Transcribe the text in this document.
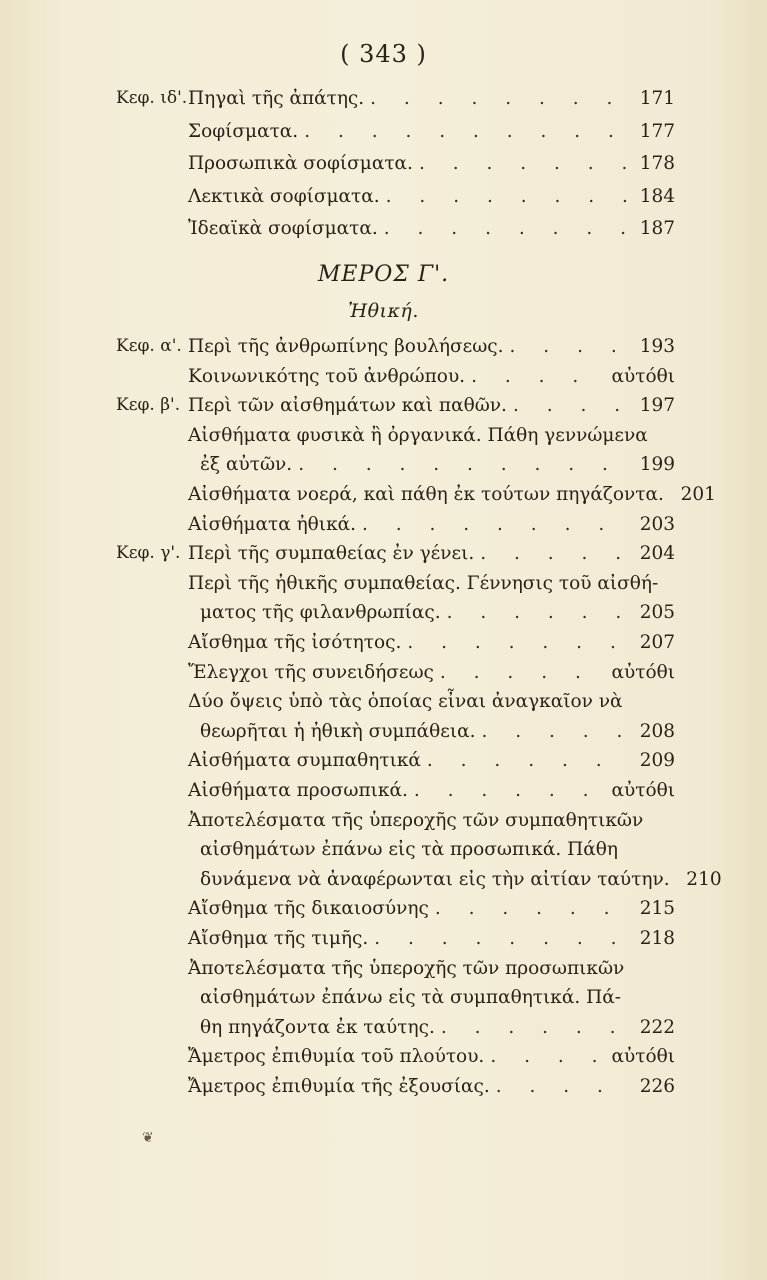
( 343 )
Κεφ. ιδ'. Πηγαὶ τῆς ἀπάτης. . . .	171
Σοφίσματα. . . .	177
Προσωπικὰ σοφίσματα. . . .	178
Λεκτικὰ σοφίσματα. . . .	184
Ἰδεαϊκὰ σοφίσματα. . . .	187
Κεφ. α'. Περὶ τῆς ἀνθρωπίνης βουλήσεως. . . .	193
Κοινωνικότης τοῦ ἀνθρώπου. . . .	αὐτόθι
Κεφ. β'. Περὶ τῶν αἰσθημάτων καὶ παθῶν. . . .	197
Αἰσθήματα φυσικὰ ἢ ὀργανικά. Πάθη γεννώμενα
ἐξ αὐτῶν. . . .	199
Αἰσθήματα νοερά, καὶ πάθη ἐκ τούτων πηγάζοντα. 201
Αἰσθήματα ἠθικά. . . .	203
Κεφ. γ'. Περὶ τῆς συμπαθείας ἐν γένει. . . .	204
Περὶ τῆς ἠθικῆς συμπαθείας. Γέννησις τοῦ αἰσθή-
ματος τῆς φιλανθρωπίας. . . .	205
Αἴσθημα τῆς ἰσότητος. . . .	207
Ἔλεγχοι τῆς συνειδήσεως . . .	αὐτόθι
Δύο ὄψεις ὑπὸ τὰς ὁποίας εἶναι ἀναγκαῖον νὰ
θεωρῆται ἡ ἠθικὴ συμπάθεια. . . .	208
Αἰσθήματα συμπαθητικά . . .	209
Αἰσθήματα προσωπικά. . . .	αὐτόθι
Ἀποτελέσματα τῆς ὑπεροχῆς τῶν συμπαθητικῶν
αἰσθημάτων ἐπάνω εἰς τὰ προσωπικά. Πάθη
δυνάμενα νὰ ἀναφέρωνται εἰς τὴν αἰτίαν ταύτην. 210
Αἴσθημα τῆς δικαιοσύνης . . .	215
Αἴσθημα τῆς τιμῆς. . . .	218
Ἀποτελέσματα τῆς ὑπεροχῆς τῶν προσωπικῶν
αἰσθημάτων ἐπάνω εἰς τὰ συμπαθητικά. Πά-
θη πηγάζοντα ἐκ ταύτης. . . .	222
Ἄμετρος ἐπιθυμία τοῦ πλούτου. . . .	αὐτόθι
Ἄμετρος ἐπιθυμία τῆς ἐξουσίας. . . .	226
ΜΕΡΟΣ Γ'.
Ἠθική.
❦
